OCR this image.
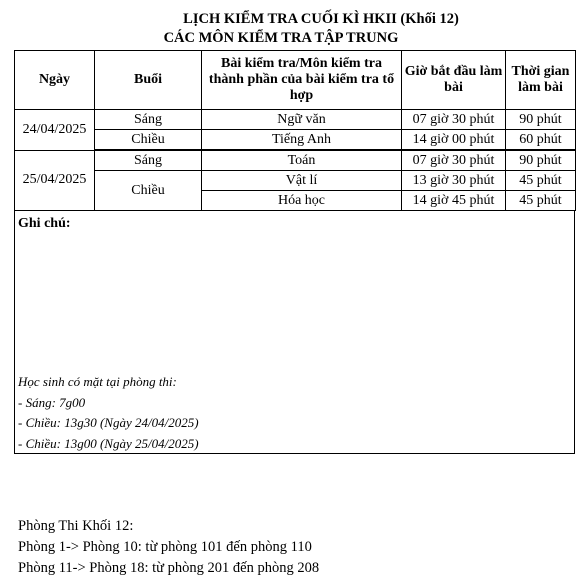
LỊCH KIỂM TRA CUỐI KÌ HKII (Khối 12)
CÁC MÔN KIỂM TRA TẬP TRUNG
Ngày	Buổi	Bài kiểm tra/Môn kiểm tra thành phần của bài kiểm tra tổ hợp	Giờ bắt đầu làm bài	Thời gian làm bài
24/04/2025	Sáng	Ngữ văn	07 giờ 30 phút	90 phút
	Chiều	Tiếng Anh	14 giờ 00 phút	60 phút
25/04/2025	Sáng	Toán	07 giờ 30 phút	90 phút
	Chiều	Vật lí	13 giờ 30 phút	45 phút
		Hóa học	14 giờ 45 phút	45 phút
Ghi chú:
Học sinh có mặt tại phòng thi:
- Sáng: 7g00
- Chiều: 13g30 (Ngày 24/04/2025)
- Chiều: 13g00 (Ngày 25/04/2025)
Phòng Thi Khối 12:
Phòng 1-> Phòng 10: từ phòng 101 đến phòng 110
Phòng 11-> Phòng 18: từ phòng 201 đến phòng 208
